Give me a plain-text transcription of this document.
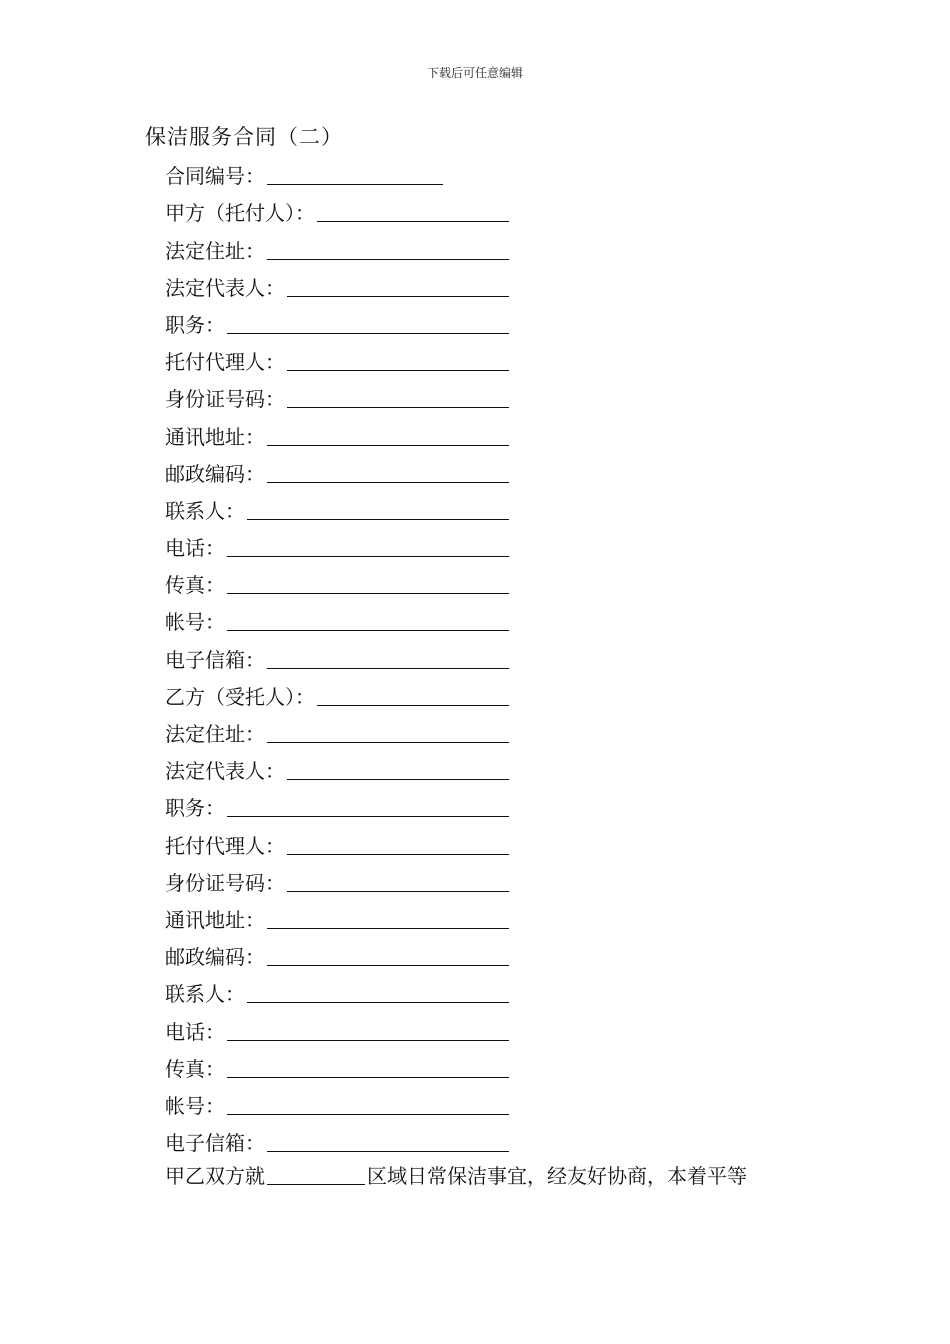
下载后可任意编辑
保洁服务合同（二）
合同编号：
甲方（托付人）：
法定住址：
法定代表人：
职务：
托付代理人：
身份证号码：
通讯地址：
邮政编码：
联系人：
电话：
传真：
帐号：
电子信箱：
乙方（受托人）：
法定住址：
法定代表人：
职务：
托付代理人：
身份证号码：
通讯地址：
邮政编码：
联系人：
电话：
传真：
帐号：
电子信箱：
甲乙双方就	区域日常保洁事宜，经友好协商，本着平等
